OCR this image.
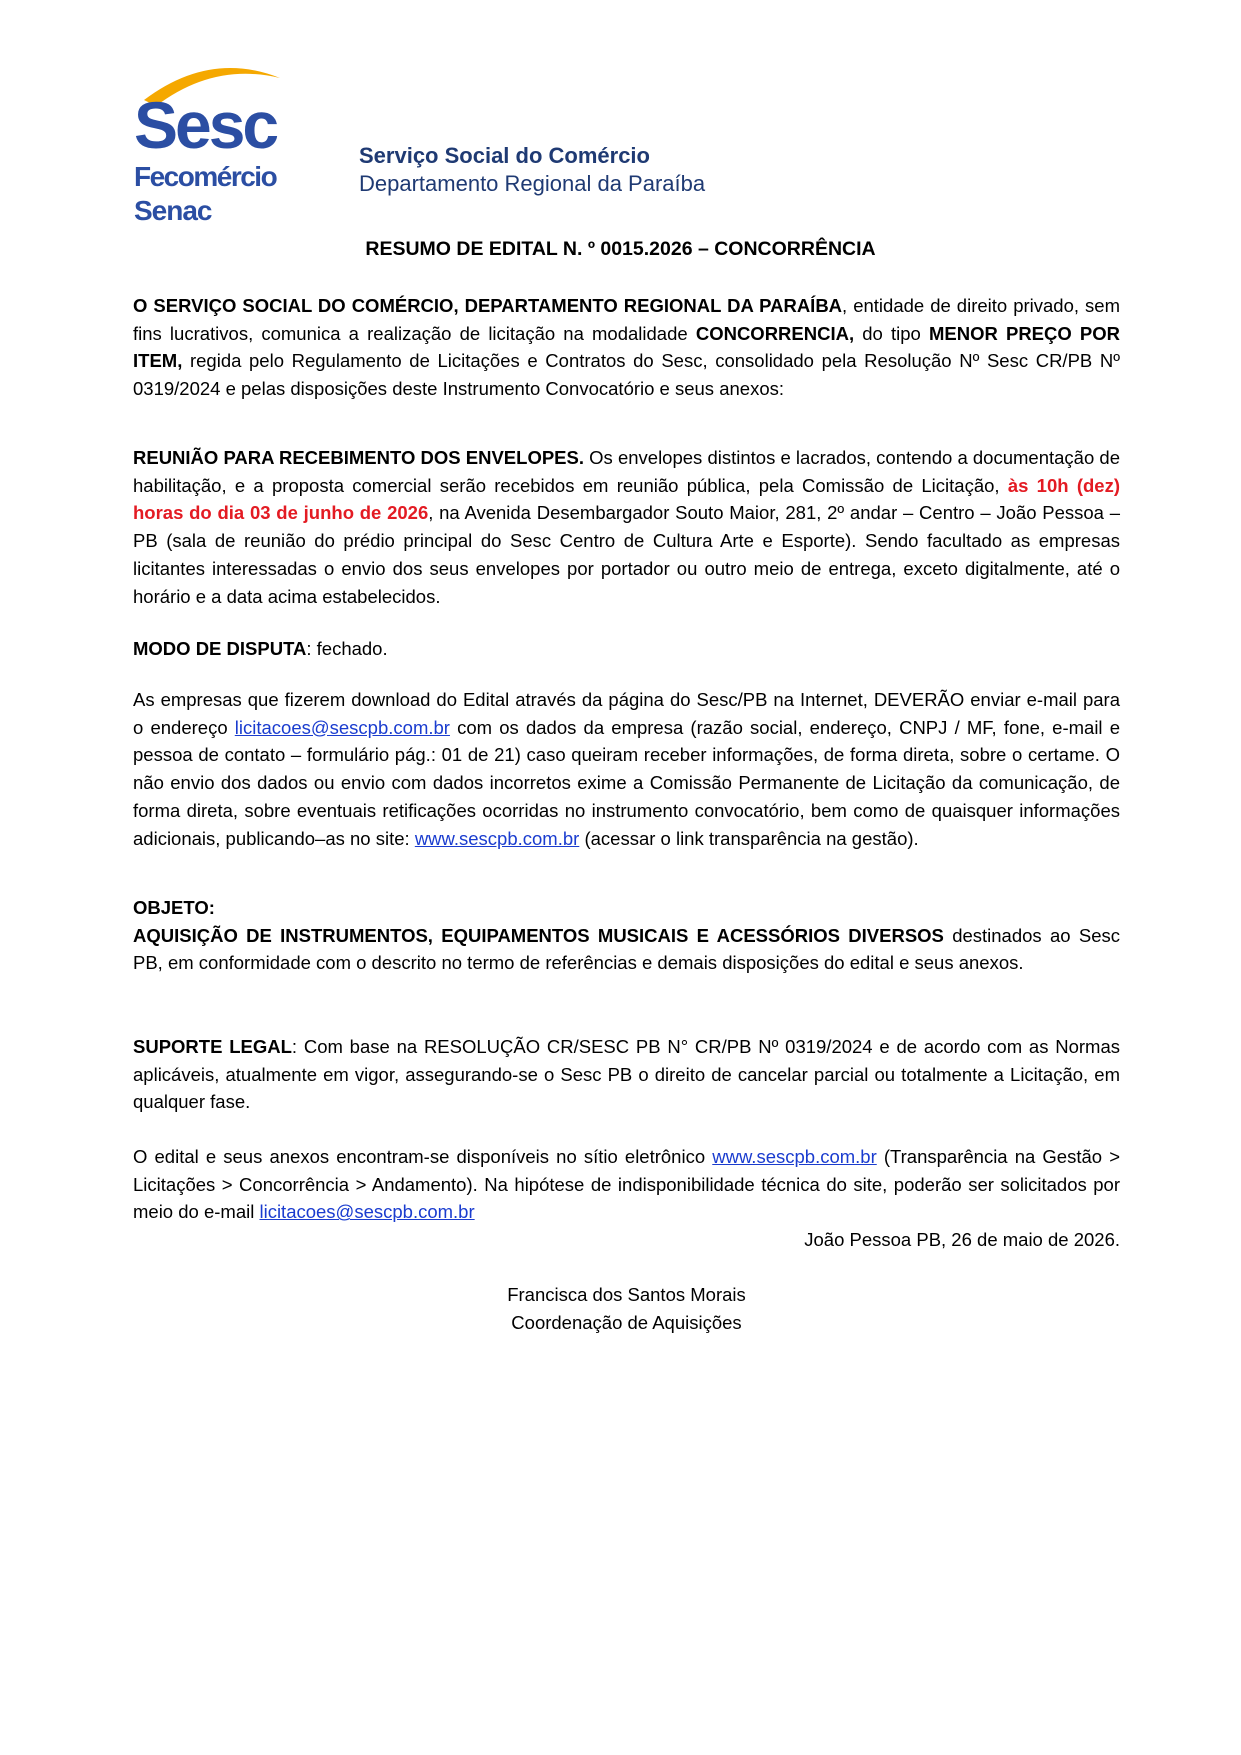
Sesc
Fecomércio
Senac
Serviço Social do Comércio
Departamento Regional da Paraíba
RESUMO DE EDITAL N. º 0015.2026 – CONCORRÊNCIA

O SERVIÇO SOCIAL DO COMÉRCIO, DEPARTAMENTO REGIONAL DA PARAÍBA, entidade de direito privado, sem fins lucrativos, comunica a realização de licitação na modalidade CONCORRENCIA, do tipo MENOR PREÇO POR ITEM, regida pelo Regulamento de Licitações e Contratos do Sesc, consolidado pela Resolução Nº Sesc CR/PB Nº 0319/2024 e pelas disposições deste Instrumento Convocatório e seus anexos:

REUNIÃO PARA RECEBIMENTO DOS ENVELOPES. Os envelopes distintos e lacrados, contendo a documentação de habilitação, e a proposta comercial serão recebidos em reunião pública, pela Comissão de Licitação, às 10h (dez) horas do dia 03 de junho de 2026, na Avenida Desembargador Souto Maior, 281, 2º andar – Centro – João Pessoa – PB (sala de reunião do prédio principal do Sesc Centro de Cultura Arte e Esporte). Sendo facultado as empresas licitantes interessadas o envio dos seus envelopes por portador ou outro meio de entrega, exceto digitalmente, até o horário e a data acima estabelecidos.

MODO DE DISPUTA: fechado.

As empresas que fizerem download do Edital através da página do Sesc/PB na Internet, DEVERÃO enviar e-mail para o endereço licitacoes@sescpb.com.br com os dados da empresa (razão social, endereço, CNPJ / MF, fone, e-mail e pessoa de contato – formulário pág.: 01 de 21) caso queiram receber informações, de forma direta, sobre o certame. O não envio dos dados ou envio com dados incorretos exime a Comissão Permanente de Licitação da comunicação, de forma direta, sobre eventuais retificações ocorridas no instrumento convocatório, bem como de quaisquer informações adicionais, publicando–as no site: www.sescpb.com.br (acessar o link transparência na gestão).

OBJETO:

AQUISIÇÃO DE INSTRUMENTOS, EQUIPAMENTOS MUSICAIS E ACESSÓRIOS DIVERSOS destinados ao Sesc PB, em conformidade com o descrito no termo de referências e demais disposições do edital e seus anexos.

SUPORTE LEGAL: Com base na RESOLUÇÃO CR/SESC PB N° CR/PB Nº 0319/2024 e de acordo com as Normas aplicáveis, atualmente em vigor, assegurando-se o Sesc PB o direito de cancelar parcial ou totalmente a Licitação, em qualquer fase.

O edital e seus anexos encontram-se disponíveis no sítio eletrônico www.sescpb.com.br (Transparência na Gestão > Licitações > Concorrência > Andamento). Na hipótese de indisponibilidade técnica do site, poderão ser solicitados por meio do e-mail licitacoes@sescpb.com.br

João Pessoa PB, 26 de maio de 2026.

Francisca dos Santos Morais

Coordenação de Aquisições
